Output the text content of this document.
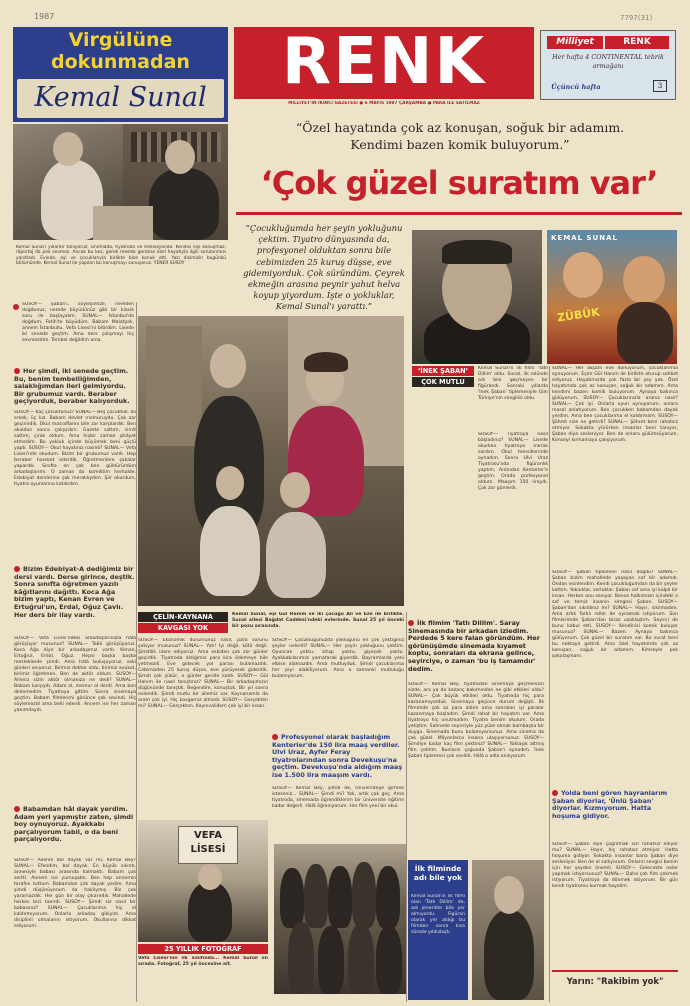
1987	7797(31)
Virgülüne
dokunmadan
Kemal Sunal	RENK
MİLLİYET'İN İKİNCİ GAZETESİ ● 6 MAYIS 1987 ÇARŞAMBA ● PARA İLE SATILMAZ
Milliyet	RENK
Her hafta 4 CONTINENTAL tebrik armağanı
Üçüncü hafta	3
Kemal Sunal'ı yıllardır tanıyoruz; sinemada, tiyatroda ve televizyonda. Kendisi kişi konuşmaz, röportaj da pek sevmez. Ancak bu kez, gerek meslek gerekse özel hayatıyla ilgili sorularımızı yanıtladı. Evinde, eşi ve çocuklarıyla birlikte bize konuk etti. Yazı dizimizin bugünkü bölümünde, Kemal Sunal ile yapılan bu konuşmayı sunuyoruz. YENER SUSOY
“Özel hayatında çok az konuşan, soğuk bir adamım.
Kendimi bazen komik buluyorum.”
‘Çok güzel suratım var’
“Çocukluğumda her şeyin yokluğunu çektim. Tiyatro dünyasında da, profesyonel olduktan sonra bile cebimizden 25 kuruş düşse, eve gidemiyorduk. Çok süründüm. Çeyrek ekmeğin arasına peynir yahut helva koyup yiyordum. İşte o yokluklar, Kemal Sunal'ı yarattı.”
‘İNEK ŞABAN’
ÇOK MUTLU
KEMAL SUNAL
ZÜBÜK
Kemal Sunal'ın ilk filmi 'Tatlı Dillim' oldu. Sunal, ilk rolünde adı bile geçmeyen bir figürandı. Sonraki yıllarda 'İnek Şaban' tiplemesiyle tüm Türkiye'nin sevgilisi oldu.
SUNAL— Her akşam eve dönüyorum, çocuklarımla oynuyorum. Eşim Gül Hanım ile birlikte oturup sohbet ediyoruz. Hayatımızda çok fazla bir şey yok. Özel hayatımda çok az konuşan, soğuk bir adamım. Ama kendimi bazen komik buluyorum. Aynaya bakınca gülüyorum. SUSOY— Çocuklarınızla aranız nasıl? SUNAL— Çok iyi. Onlarla oyun oynuyorum, onlara masal anlatıyorum. Ben çocukken babamdan dayak yerdim. Ama ben çocuklarıma el kaldırmam. SUSOY— Şöhret size ne getirdi? SUNAL— Şöhret beni rahatsız etmiyor. Sokakta yürürken insanlar beni tanıyor, Şaban diye sesleniyor. Ben de onlara gülümsüyorum. Kimseyi kırmamaya çalışıyorum.
SUSOY— Tiyatroya nasıl başladınız? SUNAL— Lisede okurken tiyatroya merak sardım. Okul temsillerinde oynadım. Sonra Ulvi Uraz Tiyatrosu'nda figüranlık yaptım. Ardından Kenterler'e geçtim. Orada profesyonel oldum. Maaşım 150 liraydı. Çok zor günlerdi.
SUSOY— Şaban'ı, söyleşimize, nereden doğdunuz, nerede büyüdünüz gibi bir klasik soru ile başlayalım. SUNAL— İstanbul'da doğdum, Fatih'te büyüdüm. Babam Malatyalı, annem İstanbullu. Vefa Lisesi'ni bitirdim. Lisede iki senede geçtim. Ama ders çalışmayı hiç sevmezdim. Tembel değildim ama.
Her şimdi, iki senede geçtim. Bu, benim tembelliğimden, salaklığımdan ileri gelmiyordu. Bir grubumuz vardı. Beraber geçiyorduk, beraber kalıyorduk.
SUSOY— Kaç çocuktunuz? SUNAL— Beş çocuktuk. İki erkek, üç kız. Babam devlet memuruydu. Çok zor geçinirdik. Okul masraflarını bile zor karşılardık. Ben okuldan sonra çalışırdım. Gazete sattım, simit sattım, çırak oldum. Ama hiçbir zaman şikâyet etmedim. Bu yokluk içinde büyümek beni güçlü yaptı. SUSOY— Okul hayatınız nasıldı? SUNAL— Vefa Lisesi'nde okudum. Bizim bir grubumuz vardı. Hep beraber hareket ederdik. Öğretmenlere şakalar yapardık. Sınıfta en çok ben güldürürdüm arkadaşlarımı. O zaman da komiktim herhalde. Edebiyat derslerine çok meraklıydım. Şiir okurdum, tiyatro oyunlarına katılırdım.
Bizim Edebiyat-A dediğimiz bir dersi vardı. Derse girince, deştik. Sonra sınıfta öğretmen yazılı kâğıtlarını dağıttı. Koca Ağa bizim yaptı, Kenan Evren ve Ertuğrul'un, Erdal, Oğuz Çavlı. Her ders bir ilay vardı.
SUSOY— Vefa Lisesi'ndeki arkadaşlarınızla hâlâ görüşüyor musunuz? SUNAL— Tabii görüşüyoruz. Koca Ağa diye bir arkadaşımız vardı. Kenan, Ertuğrul, Erdal, Oğuz. Hepsi başka başka mesleklerde şimdi. Ama hâlâ buluşuyoruz, eski günleri anıyoruz. Birimiz doktor oldu, birimiz avukat, birimiz öğretmen. Ben de aktör oldum. SUSOY— Aileniz sizin aktör olmanıza ne dedi? SUNAL— Babam karşıydı. Adam ol, memur ol derdi. Ama ben dinlemedim. Tiyatroya gittim. Sonra sinemaya geçtim. Babam filmlerimi görünce çok sevindi. Hiç söylemezdi ama belli ederdi. Annem ise her zaman yanımdaydı.
Babamdan hâl dayak yerdim. Adam yeri yapmıştır zaten, şimdi boy oynuyoruz. Ayakkabı parçalıyorum tabii, o da beni parçalıyordu.
SUSOY— Ailenle bol dayak var mı, Kemal Bey? SUNAL— Efendim, bol dayak. En büyük sıkıntı, annesiyle babası arasında kalmaktı. Babam çok sertti. Annem ise yumuşaktı. Ben hep annemin tarafını tuttum. Babamdan çok dayak yedim. Ama şimdi düşünüyorum da haklıymış. Biz çok yaramazdık. Her gün bir olay çıkarırdık. Mahallede herkes bizi tanırdı. SUSOY— Şimdi siz nasıl bir babasınız? SUNAL— Çocuklarıma hiç el kaldırmıyorum. Onlarla arkadaş gibiyim. Ama disiplinli olmalarını istiyorum. Okullarına dikkat ediyorum.
ÇELİN-KAYNANA
KAVGASI YOK
Kemal Sunal, eşi Gül Hanım ve iki çocuğu Ali ve Ezo ile birlikte. Sunal ailesi Bağdat Caddesi'ndeki evlerinde. Sunal 25 yıl önceki bir pozu sırasında.
SUSOY— Ekonomik durumunuz nasıl, para sorunu çekiyor musunuz? SUNAL— Yoh! İyi değil, kötü değil. Şimdilik idare ediyoruz. Ama eskiden çok zor günler geçirdik. Tiyatroda aldığımız para kira ödemeye bile yetmezdi. Eve gidecek yol parası bulamazdık. Cebimizden 25 kuruş düşse, eve yürüyerek giderdik. Şimdi çok şükür, o günler geride kaldı. SUSOY— Gül Hanım ile nasıl tanıştınız? SUNAL— Bir arkadaşımızın düğününde tanıştık. Beğendim, konuştuk. Bir yıl sonra evlendik. Şimdi mutlu bir ailemiz var. Kaynanamla da aram çok iyi. Hiç kavgamız olmadı. SUSOY— Gerçekten mi? SUNAL— Gerçekten. Kayınvalidem çok iyi bir insan.
SUSOY— Çocukluğunuzda yokluğunu en çok çektiğiniz şeyler nelerdi? SUNAL— Her şeyin yokluğunu çektim. Oyuncak yoktu, kitap yoktu, giyecek yoktu. Ayakkabılarımızı yamatarak giyerdik. Bayramlarda yeni elbise alamazdık. Ama mutluyduk. Şimdi çocuklarıma her şeyi alabiliyorum. Ama o zamanki mutluluğu bulamıyorum.
Profesyonel olarak başladığım Kenterler'de 150 lira maaş verdiler. Ulvi Uraz, Ayfer Feray tiyatrolarından sonra Devekuşu'na geçtim. Devekuşu'nda aldığım maaş ise 1.500 lira maaşım vardı.
VEFA
LİSESİ
25 YILLIK FOTOĞRAF
Vefa Lisesi'nin ilk sınıfında... Kemal Sunal ön sırada. Fotoğraf, 25 yıl öncesine ait.
SUSOY— Kemal Bey, şimdi de, Üniversiteye girmek isteseniz... SUNAL— Şimdi mi? Yok, artık çok geç. Ama tiyatroda, sinemada öğrendiklerim bir üniversite eğitimi kadar değerli. Hâlâ öğreniyorum. Her film yeni bir okul.
İlk filmim 'Tatlı Dillim'. Saray Sinemasında bir arkadan izledim. Perdede 5 kere falan göründüm. Her görünüşümde sinemada kıyamet koptu, sonraları da ekrana gelince, seyirciye, o zaman 'bu iş tamamdır' dedim.
SUSOY— Kemal Bey, tiyatrodan sinemaya geçmenizin sizde, ara ya da kazanç bakımından ne gibi etkileri oldu? SUNAL— Çok büyük etkileri oldu. Tiyatroda hiç para kazanamıyorduk. Sinemaya geçince durum değişti. İlk filmimde çok az para aldım ama sonraları iyi paralar kazanmaya başladım. Şimdi rahat bir hayatım var. Ama tiyatroyu hiç unutmadım. Tiyatro benim okulum. Orada yetiştim. Sahnede seyirciyle yüz yüze olmak bambaşka bir duygu. Sinemada bunu bulamıyorsunuz. Ama sinema da çok güzel. Milyonlarca insana ulaşıyorsunuz. SUSOY— Şimdiye kadar kaç film çektiniz? SUNAL— Yaklaşık altmış film çektim. Bunların çoğunda Şaban'ı oynadım. İnek Şaban tiplemesi çok sevildi. Hâlâ o adla anılıyorum.
İlk filminde adı bile yok
Kemal Sunal'ın ilk filmi olan 'Tatlı Dillim' de, adı jenerikte bile yer almıyordu. Figüran olarak yer aldığı bu filmden sonra kısa sürede yıldızlaştı.
SUSOY— Şaban tiplemesi nasıl doğdu? SUNAL— Şaban bizim mahallede yaşayan saf bir adamdı. Ondan esinlendim. Kendi çocukluğumdan da bir şeyler kattım. Yokluklar, zorluklar. Şaban saf ama iyi kalpli bir insan. Herkes onu seviyor. Bence halkımızın içindeki o saf ve temiz insanın simgesi Şaban. SUSOY— Şaban'dan sıkıldınız mı? SUNAL— Hayır, sıkılmadım. Ama artık farklı roller de oynamak istiyorum. Son filmlerimde Şaban'dan biraz uzaklaştım. Seyirci de bunu kabul etti. SUSOY— Kendinizi komik buluyor musunuz? SUNAL— Bazen. Aynaya bakınca gülüyorum. Çok güzel bir suratım var. Bu surat beni bu noktaya getirdi. Ama özel hayatımda çok az konuşan, soğuk bir adamım. Kimseyle pek şakalaşmam.
Yolda beni gören hayranlarım Şaban diyorlar, 'Ünlü Şaban' diyorlar. Kızmıyorum. Hatta hoşuma gidiyor.
SUSOY— Şaban diye çağrılmak sizi rahatsız ediyor mu? SUNAL— Hayır, hiç rahatsız etmiyor. Hatta hoşuma gidiyor. Sokakta insanlar bana Şaban diye sesleniyor. Ben de el sallıyorum. Onların sevgisi benim için her şeyden önemli. SUSOY— Gelecekte neler yapmak istiyorsunuz? SUNAL— Daha çok film çekmek istiyorum. Tiyatroya da dönmek istiyorum. Bir gün kendi tiyatromu kurmak hayalim.
Yarın: "Rakibim yok"
